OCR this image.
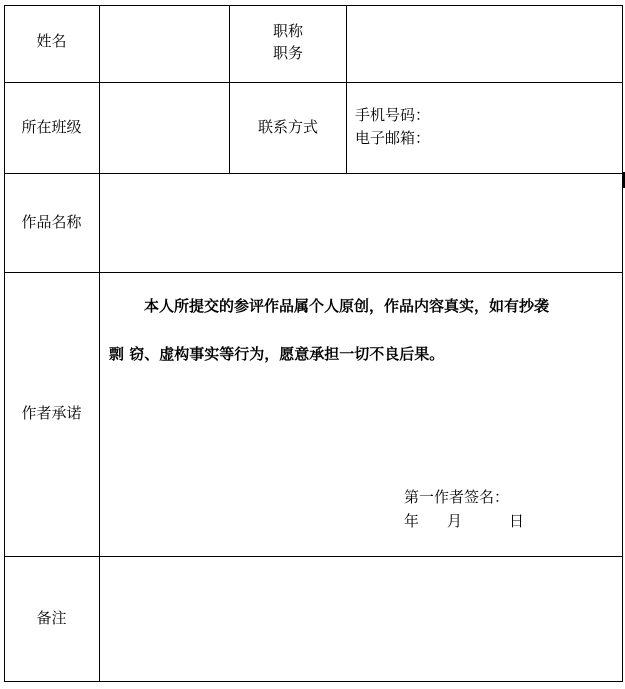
姓名
职称
职务
所在班级	联系方式
手机号码：
电子邮箱：
作品名称
作者承诺
本人所提交的参评作品属个人原创，作品内容真实，如有抄袭
剽 窃、虚构事实等行为，愿意承担一切不良后果。
第一作者签名：
年 月	日
备注
